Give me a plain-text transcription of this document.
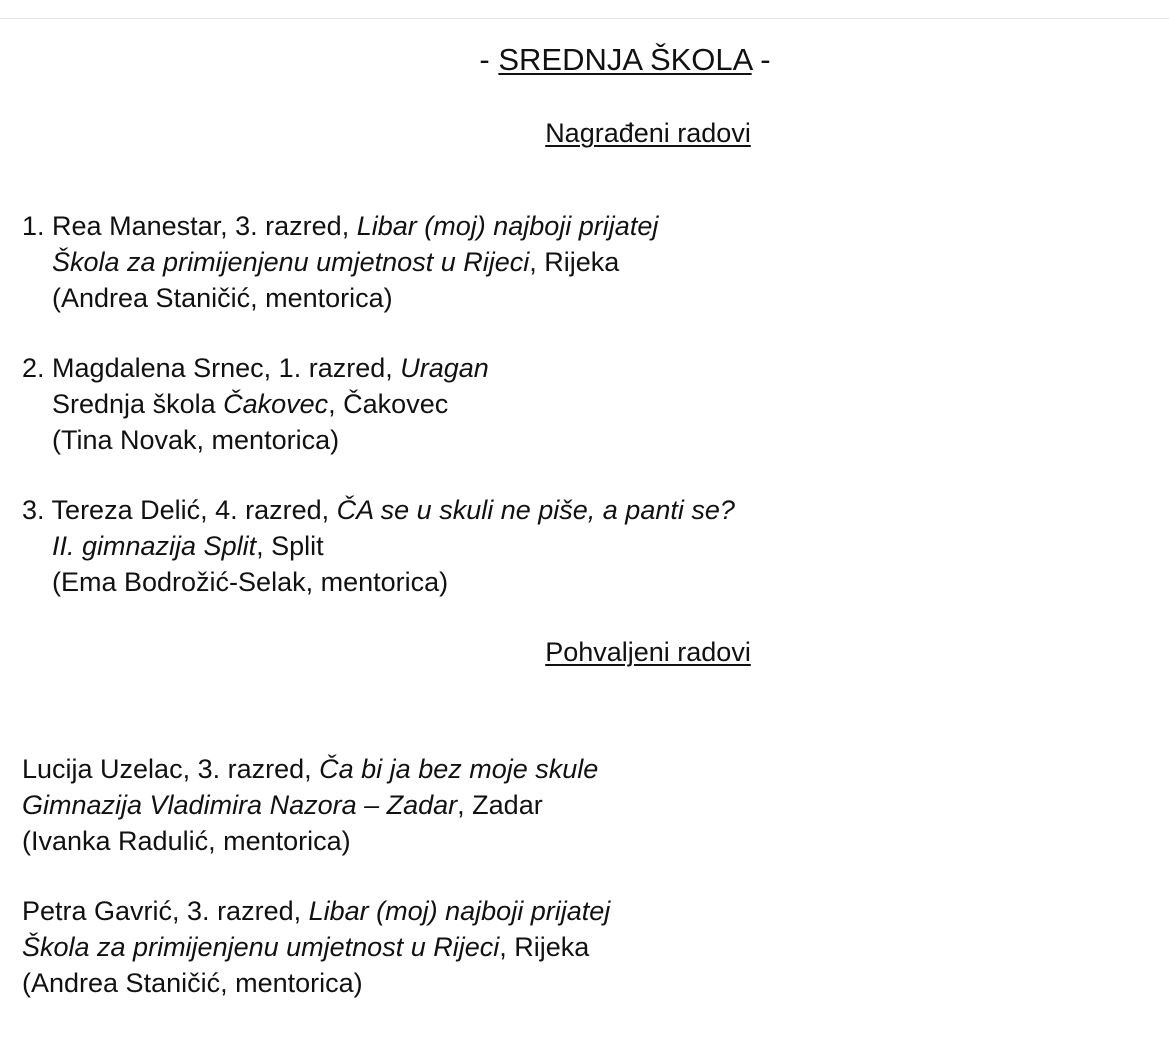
- SREDNJA ŠKOLA -
Nagrađeni radovi
1. Rea Manestar, 3. razred, Libar (moj) najboji prijatej
Škola za primijenjenu umjetnost u Rijeci, Rijeka
(Andrea Staničić, mentorica)
2. Magdalena Srnec, 1. razred, Uragan
Srednja škola Čakovec, Čakovec
(Tina Novak, mentorica)
3. Tereza Delić, 4. razred, ČA se u skuli ne piše, a panti se?
II. gimnazija Split, Split
(Ema Bodrožić-Selak, mentorica)
Pohvaljeni radovi
Lucija Uzelac, 3. razred, Ča bi ja bez moje skule
Gimnazija Vladimira Nazora – Zadar, Zadar
(Ivanka Radulić, mentorica)
Petra Gavrić, 3. razred, Libar (moj) najboji prijatej
Škola za primijenjenu umjetnost u Rijeci, Rijeka
(Andrea Staničić, mentorica)
